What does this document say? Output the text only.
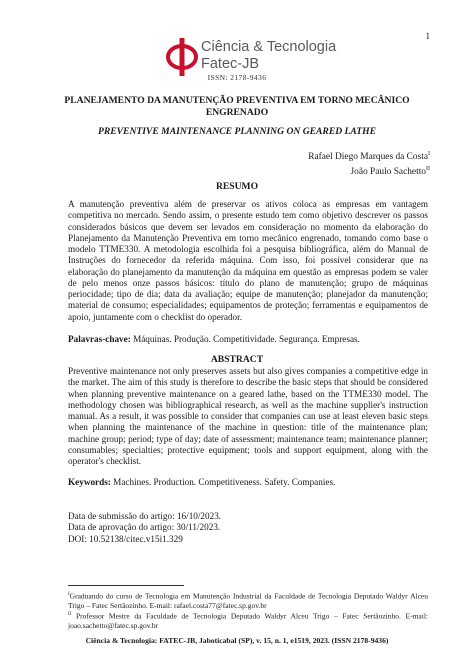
1
Ciência & Tecnologia
Fatec-JB
ISSN: 2178-9436
PLANEJAMENTO DA MANUTENÇÃO PREVENTIVA EM TORNO MECÂNICO ENGRENADO
PREVENTIVE MAINTENANCE PLANNING ON GEARED LATHE
Rafael Diego Marques da Costa$^I$
João Paulo Sachetto$^{II}$
RESUMO
A manutenção preventiva além de preservar os ativos coloca as empresas em vantagem competitiva no mercado. Sendo assim, o presente estudo tem como objetivo descrever os passos considerados básicos que devem ser levados em consideração no momento da elaboração do Planejamento da Manutenção Preventiva em torno mecânico engrenado, tomando como base o modelo TTME330. A metodologia escolhida foi a pesquisa bibliográfica, além do Manual de Instruções do fornecedor da referida máquina. Com isso, foi possível considerar que na elaboração do planejamento da manutenção da máquina em questão as empresas podem se valer de pelo menos onze passos básicos: título do plano de manutenção; grupo de máquinas periocidade; tipo de dia; data da avaliação; equipe de manutenção; planejador da manutenção; material de consumo; especialidades; equipamentos de proteção; ferramentas e equipamentos de apoio, juntamente com o checklist do operador.
Palavras-chave: Máquinas. Produção. Competitividade. Segurança. Empresas.
ABSTRACT
Preventive maintenance not only preserves assets but also gives companies a competitive edge in the market. The aim of this study is therefore to describe the basic steps that should be considered when planning preventive maintenance on a geared lathe, based on the TTME330 model. The methodology chosen was bibliographical research, as well as the machine supplier's instruction manual. As a result, it was possible to consider that companies can use at least eleven basic steps when planning the maintenance of the machine in question: title of the maintenance plan; machine group; period; type of day; date of assessment; maintenance team; maintenance planner; consumables; specialties; protective equipment; tools and support equipment, along with the operator's checklist.
Keywords: Machines. Production. Competitiveness. Safety. Companies.
Data de submissão do artigo: 16/10/2023.
Data de aprovação do artigo: 30/11/2023.
DOI: 10.52138/citec.v15i1.329
$^I$Graduando do curso de Tecnologia em Manutenção Industrial da Faculdade de Tecnologia Deputado Waldyr Alceu Trigo – Fatec Sertãozinho. E-mail: rafael.costa77@fatec.sp.gov.br
$^{II}$ Professor Mestre da Faculdade de Tecnologia Deputado Waldyr Alceu Trigo – Fatec Sertãozinho. E-mail: joao.sachetto@fatec.sp.gov.br
Ciência & Tecnologia: FATEC-JB, Jaboticabal (SP), v. 15, n. 1, e1519, 2023. (ISSN 2178-9436)
